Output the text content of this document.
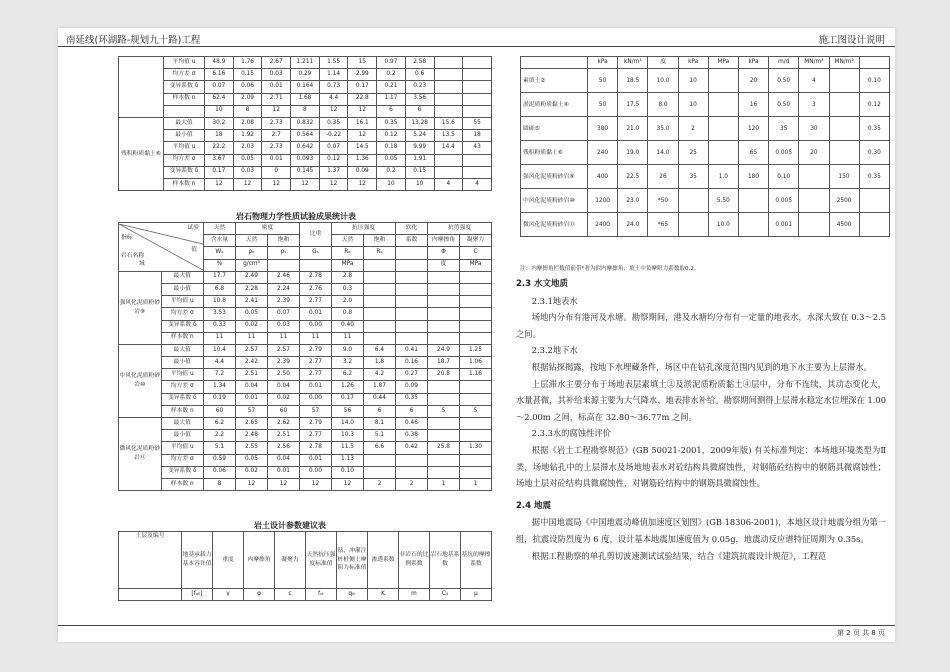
南延线(环湖路-规划九十路)工程	施工图设计说明
	平均值 u	48.9	1.76	2.67	1.211	1.55	15	0.97	2.58		
	均方差 σ	6.16	0.15	0.03	0.29	1.14	2.99	0.2	0.6		
	变异系数 δ	0.07	0.06	0.01	0.164	0.73	0.17	0.21	0.23		
	样本数 n	62.4	2.09	2.71	1.68	4.4	22.8	1.17	3.56		
		10	8	12	8	12	12	6	6		
残积粉质黏土⑥	最大值	30.2	2.08	2.73	0.832	0.35	16.1	0.35	13.28	15.6	55
	最小值	18	1.92	2.7	0.564	-0.22	12	0.12	5.24	13.5	18
	平均值 u	22.2	2.03	2.73	0.642	0.07	14.5	0.18	9.99	14.4	43
	均方差 σ	3.67	0.05	0.01	0.093	0.12	1.36	0.05	1.91		
	变异系数 δ	0.17	0.03	0	0.145	1.37	0.09	0.2	0.15		
	样本数 n	12	12	12	12	12	12	10	10	4	4
岩石物理力学性质试验成果统计表
试验
指标
值
岩石名称
域		天然	密度		比重	抗压强度		软化	抗剪强度	
		含水量	天然	饱和		天然	饱和	系数	内摩擦角	凝聚力
		Wₒ	ρₒ	ρₛ	Gₛ	Rₒ	Rₛ		Φ	C
		%	g/cm³			MPa			度	MPa
强风化泥质粉砂岩⑨	最大值	17.7	2.49	2.46	2.78	2.8				
	最小值	6.8	2.28	2.24	2.76	0.3				
	平均值 u	10.8	2.41	2.39	2.77	2.0				
	均方差 σ	3.53	0.05	0.07	0.01	0.8				
	变异系数 δ	0.33	0.02	0.03	0.00	0.40				
	样本数 n	11	11	11	11	11				
中风化泥质粉砂岩⑩	最大值	10.4	2.57	2.57	2.79	9.0	6.4	0.41	24.9	1.25
	最小值	4.4	2.42	2.39	2.77	3.2	1.8	0.16	18.7	1.06
	平均值 u	7.2	2.51	2.50	2.77	6.2	4.2	0.27	20.8	1.16
	均方差 σ	1.34	0.04	0.04	0.01	1.26	1.87	0.09		
	变异系数 δ	0.19	0.01	0.02	0.00	0.17	0.44	0.35		
	样本数 n	60	57	60	57	56	6	6	5	5
微风化泥质粉砂岩⑪	最大值	6.2	2.65	2.62	2.79	14.0	8.1	0.46		
	最小值	2.2	2.48	2.51	2.77	10.3	5.1	0.38		
	平均值 u	5.1	2.55	2.56	2.78	11.5	6.6	0.42	25.8	1.30
	均方差 σ	0.59	0.05	0.04	0.01	1.13				
	变异系数 δ	0.06	0.02	0.01	0.00	0.10				
	样本数 n	8	12	12	12	12	2	2	1	1
岩土设计参数建议表
土层及编号	地基承载力基本容许值	重度	内摩擦角	凝聚力	天然抗压强度标准值	钻、冲灌注桩桩侧土摩阻力标准值	渗透系数	非岩石的比例系数	岩石地基系数	基坑的摩擦系数
	[fₐ₀]	γ	φ	c	fᵣₖ	qᵢₖ	K	m	C₀	μ
	kPa	kN/m³	度	kPa	MPa	kPa	m/d	MN/m⁴	MN/m³	
素填土②	50	18.5	10.0	10		20	0.50	4		0.10
淤泥质粉质黏土④	50	17.5	8.0	10		16	0.50	3		0.12
圆砾⑤	380	21.0	35.0	2		120	35	30		0.35
残积粉质黏土⑥	240	19.0	14.0	25		65	0.005	20		0.30
强风化泥质粉砂岩⑨	400	22.5	26	35	1.0	180	0.10		150	0.35
中风化泥质粉砂岩⑩	1200	23.0	*50		5.50		0.005		2500	
微风化泥质粉砂岩⑪	2400	24.0	*65		10.0		0.001		4500	
注：内摩擦角栏数值前带*者为似内摩擦角；填土中负摩阻力系数取0.2。

2.3 水文地质

2.3.1地表水

场地内分布有港河及水塘。勘察期间，港及水塘均分布有一定量的地表水，水深大致在 0.3～2.5 之间。

2.3.2地下水

根据钻探揭露，按地下水埋藏条件，场区中在钻孔深度范围内见到的地下水主要为上层滞水。

上层滞水主要分布于场地表层素填土②及淤泥质粉质黏土④层中，分布不连续，其动态变化大，水量甚微，其补给来源主要为大气降水、地表排水补给。勘察期间测得上层滞水稳定水位埋深在 1.00～2.00m 之间，标高在 32.80～36.77m 之间。

2.3.3水的腐蚀性评价

根据《岩土工程勘察规范》(GB 50021-2001，2009年版) 有关标准判定：本场地环境类型为Ⅱ类，场地钻孔中的上层滞水及场地地表水对砼结构具微腐蚀性，对钢筋砼结构中的钢筋具微腐蚀性；场地土层对砼结构具微腐蚀性，对钢筋砼结构中的钢筋具微腐蚀性。

2.4 地震

据中国地震局《中国地震动峰值加速度区划图》(GB 18306-2001)，本地区设计地震分组为第一组，抗震设防烈度为 6 度，设计基本地震加速度值为 0.05g，地震动反应谱特征周期为 0.35s。

根据工程勘察的单孔剪切波速测试试验结果，结合《建筑抗震设计规范》，工程范

第 2 页 共 8 页
